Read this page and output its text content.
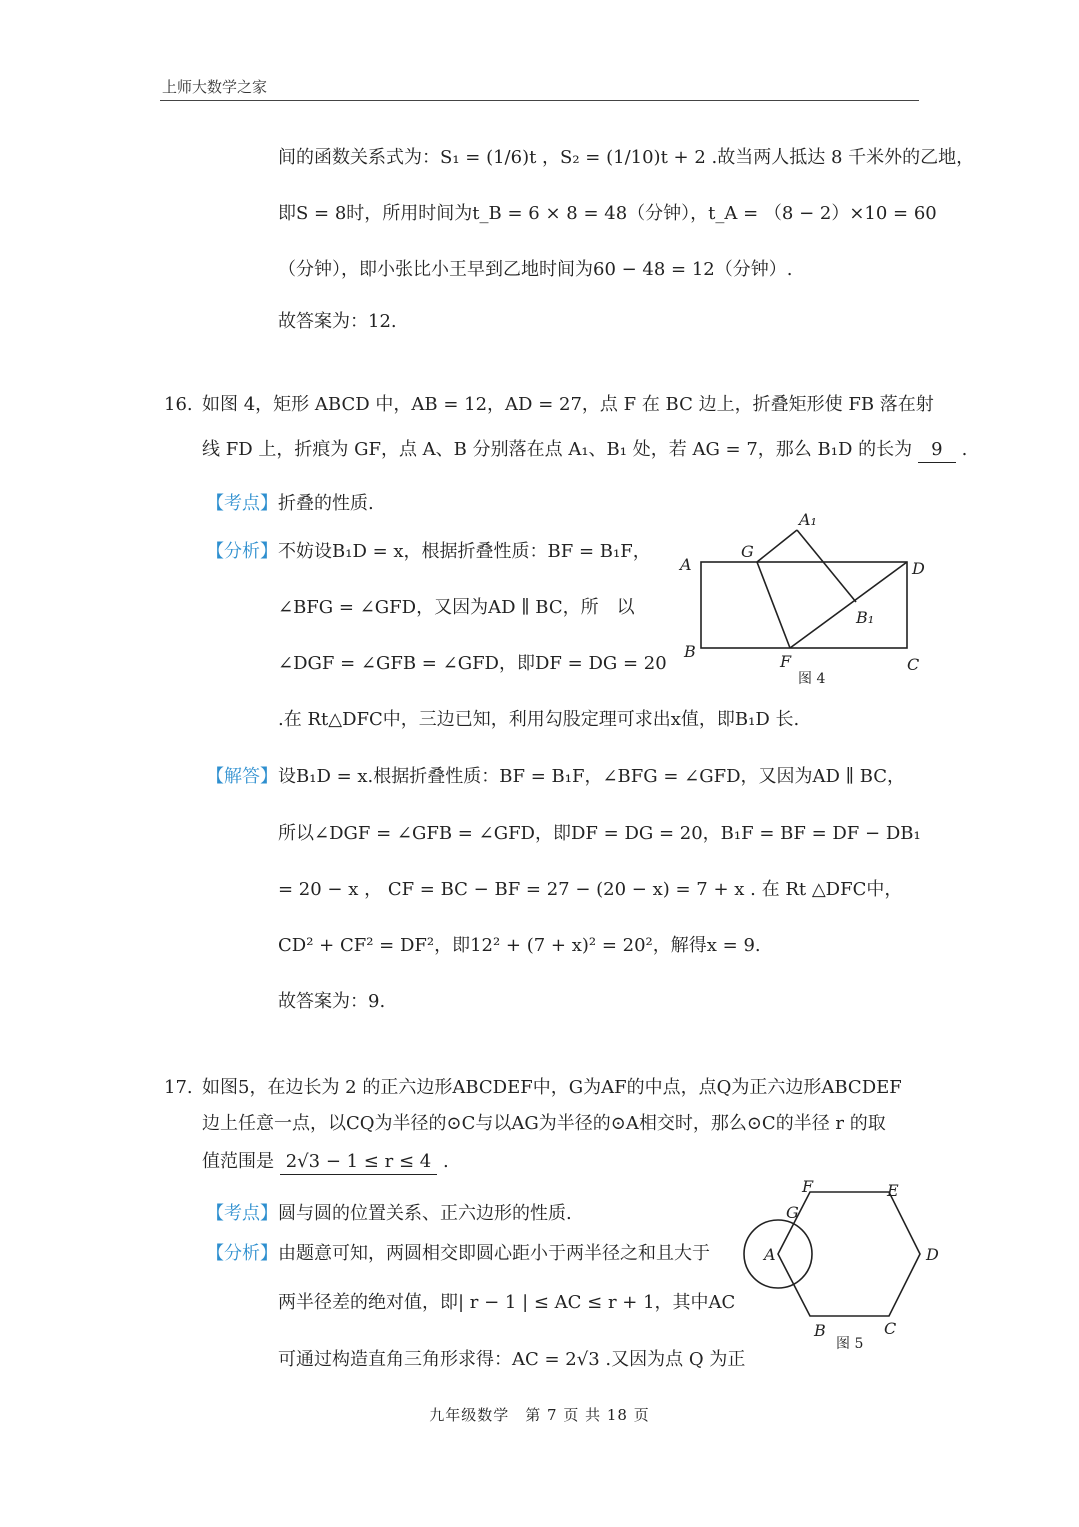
上师大数学之家
间的函数关系式为：S₁ = (1/6)t ，S₂ = (1/10)t + 2 .故当两人抵达 8 千米外的乙地，
即S = 8时，所用时间为t_B = 6 × 8 = 48（分钟），t_A = （8 − 2）×10 = 60
（分钟），即小张比小王早到乙地时间为60 − 48 = 12（分钟）.
故答案为：12.
16. 如图 4，矩形 ABCD 中，AB = 12，AD = 27，点 F 在 BC 边上，折叠矩形使 FB 落在射
线 FD 上，折痕为 GF，点 A、B 分别落在点 A₁、B₁ 处，若 AG = 7，那么 B₁D 的长为 9 .
【考点】折叠的性质.
【分析】不妨设B₁D = x，根据折叠性质：BF = B₁F，
∠BFG = ∠GFD，又因为AD ∥ BC，所　以
∠DGF = ∠GFB = ∠GFD，即DF = DG = 20
.在 Rt△DFC中，三边已知，利用勾股定理可求出x值，即B₁D 长.
【解答】设B₁D = x.根据折叠性质：BF = B₁F，∠BFG = ∠GFD，又因为AD ∥ BC，
所以∠DGF = ∠GFB = ∠GFD，即DF = DG = 20，B₁F = BF = DF − DB₁
= 20 − x ， CF = BC − BF = 27 − (20 − x) = 7 + x . 在 Rt △DFC中，
CD² + CF² = DF²，即12² + (7 + x)² = 20²，解得x = 9.
故答案为：9.
A
B
C
D
F
G
A₁
B₁
图 4
17. 如图5，在边长为 2 的正六边形ABCDEF中，G为AF的中点，点Q为正六边形ABCDEF
边上任意一点，以CQ为半径的⊙C与以AG为半径的⊙A相交时，那么⊙C的半径 r 的取
值范围是 2√3 − 1 ≤ r ≤ 4 .
【考点】圆与圆的位置关系、正六边形的性质.
【分析】由题意可知，两圆相交即圆心距小于两半径之和且大于
两半径差的绝对值，即| r − 1 | ≤ AC ≤ r + 1，其中AC
可通过构造直角三角形求得：AC = 2√3 .又因为点 Q 为正
A
B	C
D
E
F
G
图 5
九年级数学　第 7 页 共 18 页
